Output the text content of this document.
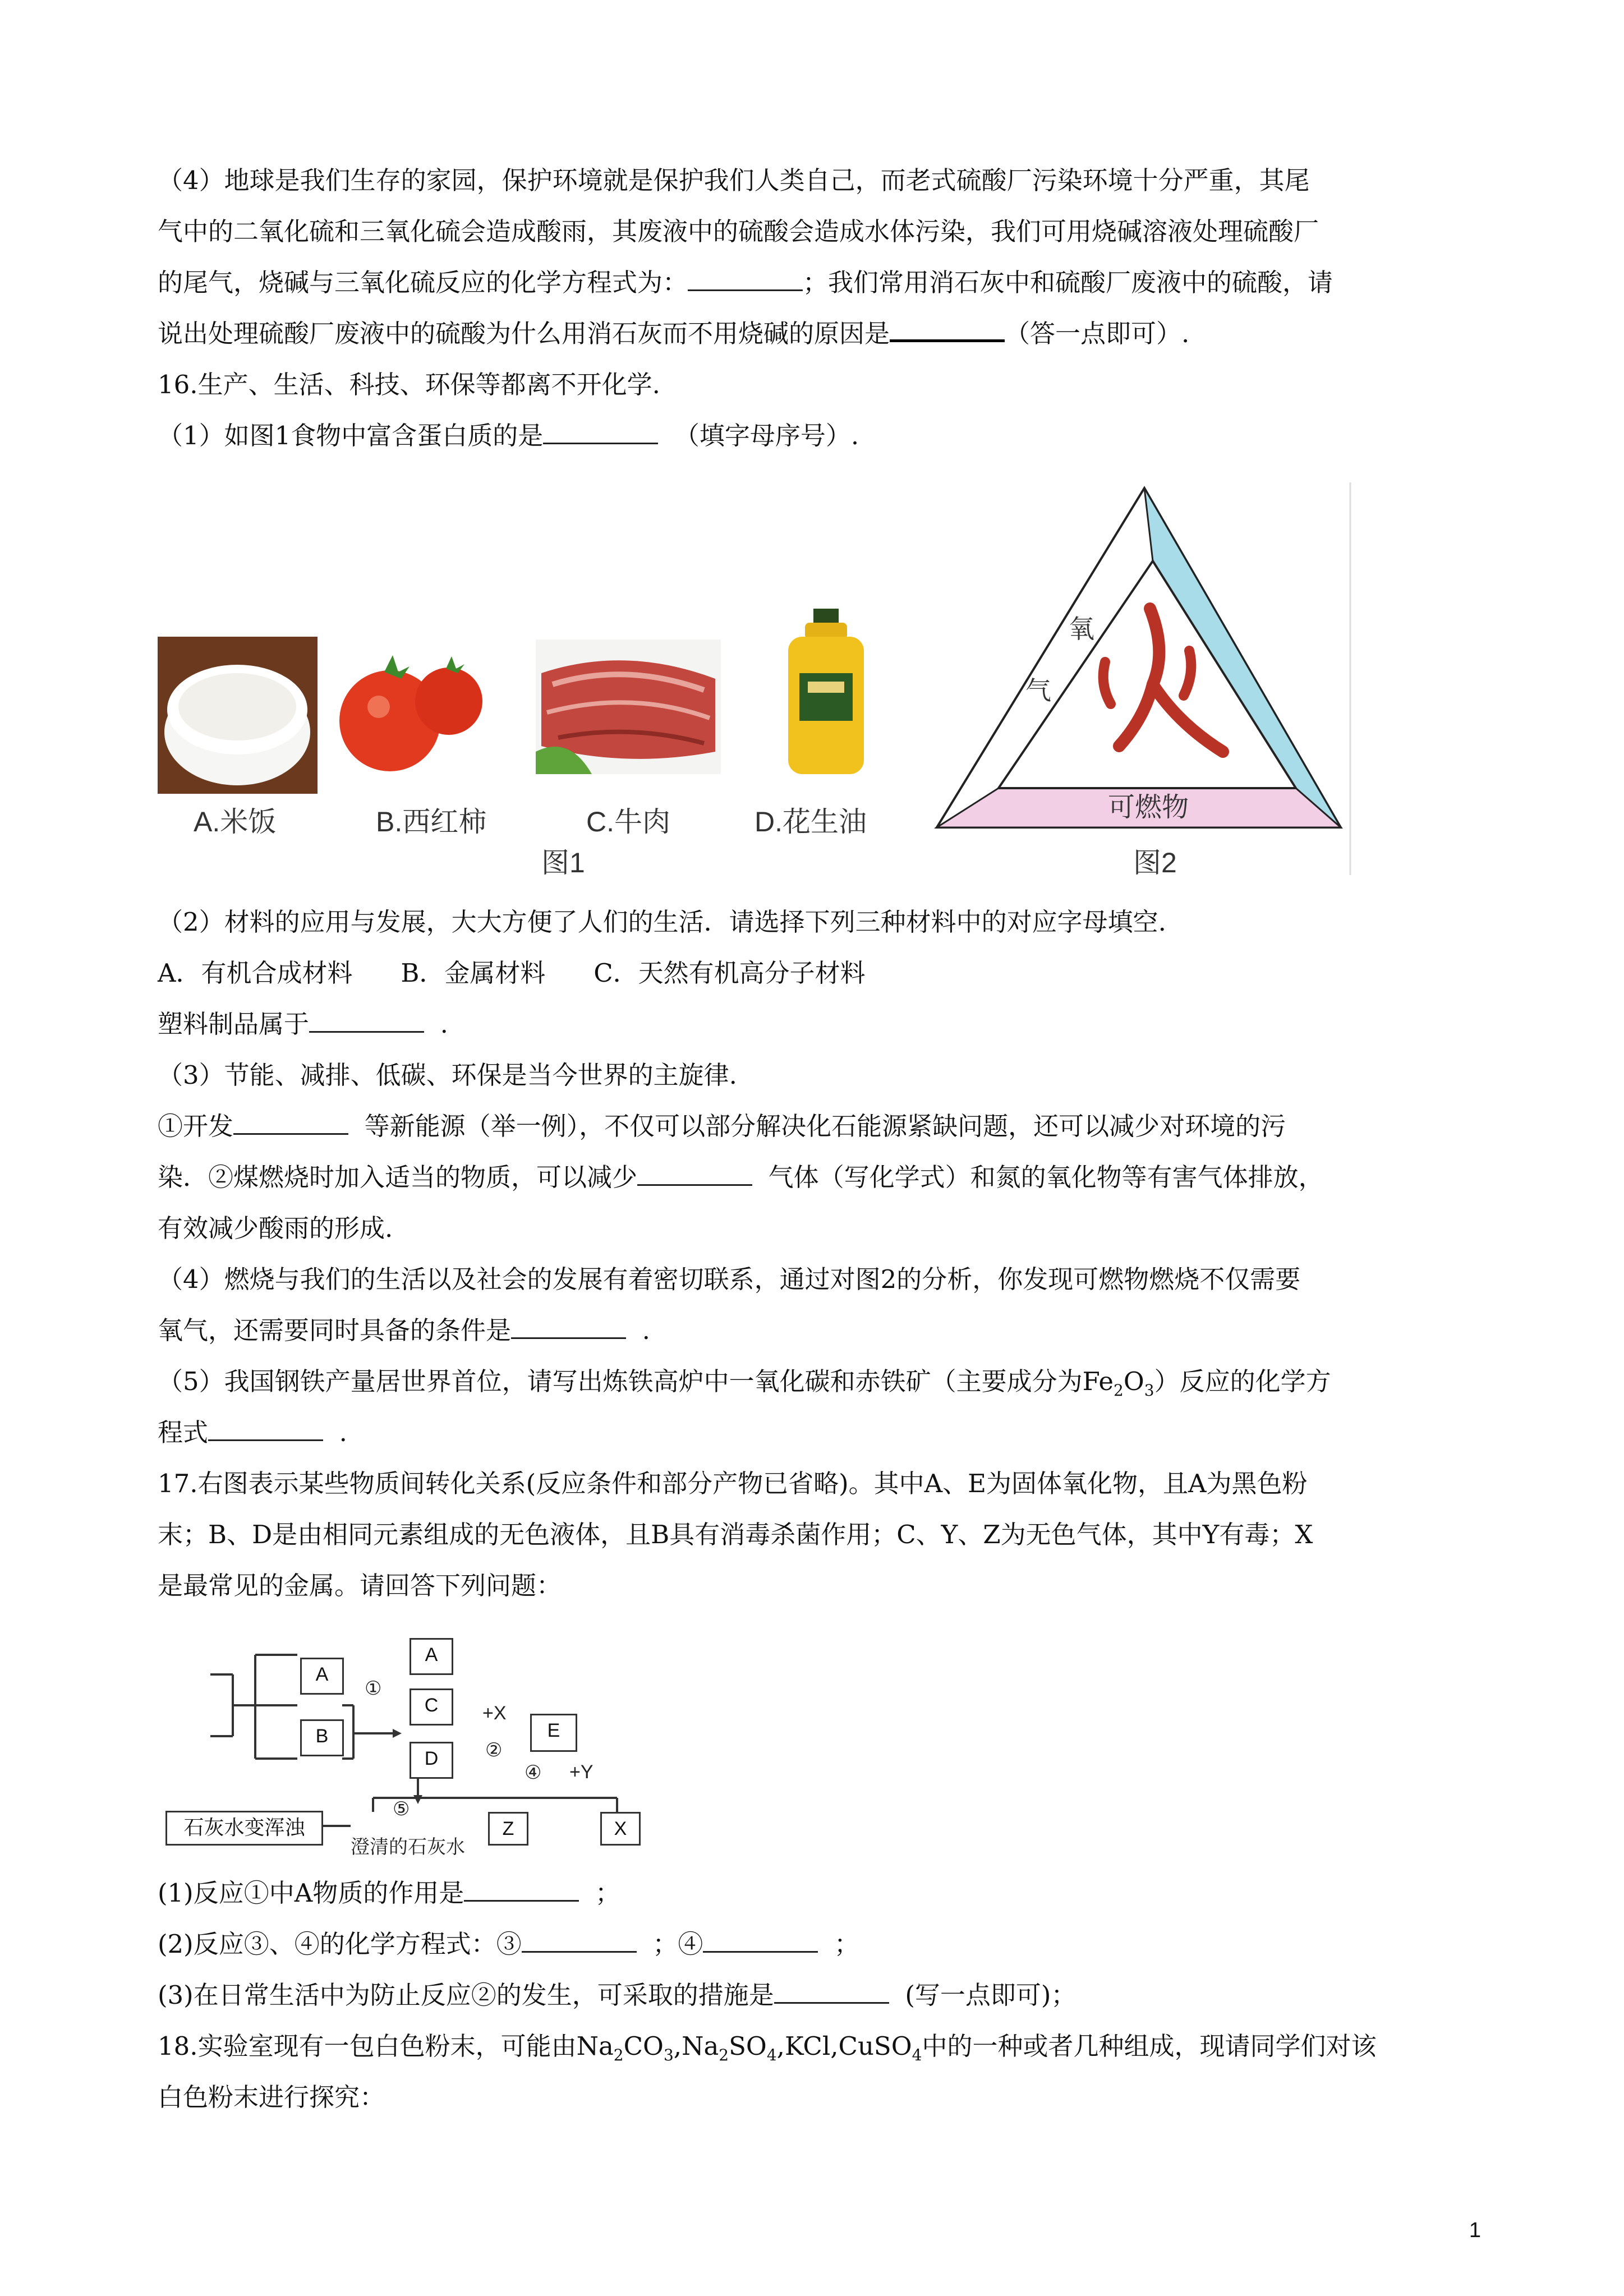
（4）地球是我们生存的家园，保护环境就是保护我们人类自己，而老式硫酸厂污染环境十分严重，其尾
气中的二氧化硫和三氧化硫会造成酸雨，其废液中的硫酸会造成水体污染，我们可用烧碱溶液处理硫酸厂
的尾气，烧碱与三氧化硫反应的化学方程式为：	；我们常用消石灰中和硫酸厂废液中的硫酸，请
说出处理硫酸厂废液中的硫酸为什么用消石灰而不用烧碱的原因是	（答一点即可）.
16.生产、生活、科技、环保等都离不开化学.
（1）如图1食物中富含蛋白质的是	（填字母序号）.
A.米饭	B.西红柿	C.牛肉	D.花生油
图1
氧
气
可燃物
图2
（2）材料的应用与发展，大大方便了人们的生活．请选择下列三种材料中的对应字母填空.
A．有机合成材料 B．金属材料 C．天然有机高分子材料
塑料制品属于	.
（3）节能、减排、低碳、环保是当今世界的主旋律.
①开发	等新能源（举一例），不仅可以部分解决化石能源紧缺问题，还可以减少对环境的污
染．②煤燃烧时加入适当的物质，可以减少	气体（写化学式）和氮的氧化物等有害气体排放，
有效减少酸雨的形成.
（4）燃烧与我们的生活以及社会的发展有着密切联系，通过对图2的分析，你发现可燃物燃烧不仅需要
氧气，还需要同时具备的条件是	.
（5）我国钢铁产量居世界首位，请写出炼铁高炉中一氧化碳和赤铁矿（主要成分为$Fe_2O_3$）反应的化学方
程式	.
17.右图表示某些物质间转化关系(反应条件和部分产物已省略)。其中A、E为固体氧化物，且A为黑色粉
末；B、D是由相同元素组成的无色液体，且B具有消毒杀菌作用；C、Y、Z为无色气体，其中Y有毒；X
是最常见的金属。请回答下列问题：
A
B
A
C
D
E
Z	X
石灰水变浑浊
①
+X
②
④ +Y
⑤
澄清的石灰水
(1)反应①中A物质的作用是	；
(2)反应③、④的化学方程式：③	；④	；
(3)在日常生活中为防止反应②的发生，可采取的措施是	(写一点即可)；
18.实验室现有一包白色粉末，可能由$Na_2CO_3,Na_2SO_4,KCl,CuSO_4$中的一种或者几种组成，现请同学们对该
白色粉末进行探究：
1
